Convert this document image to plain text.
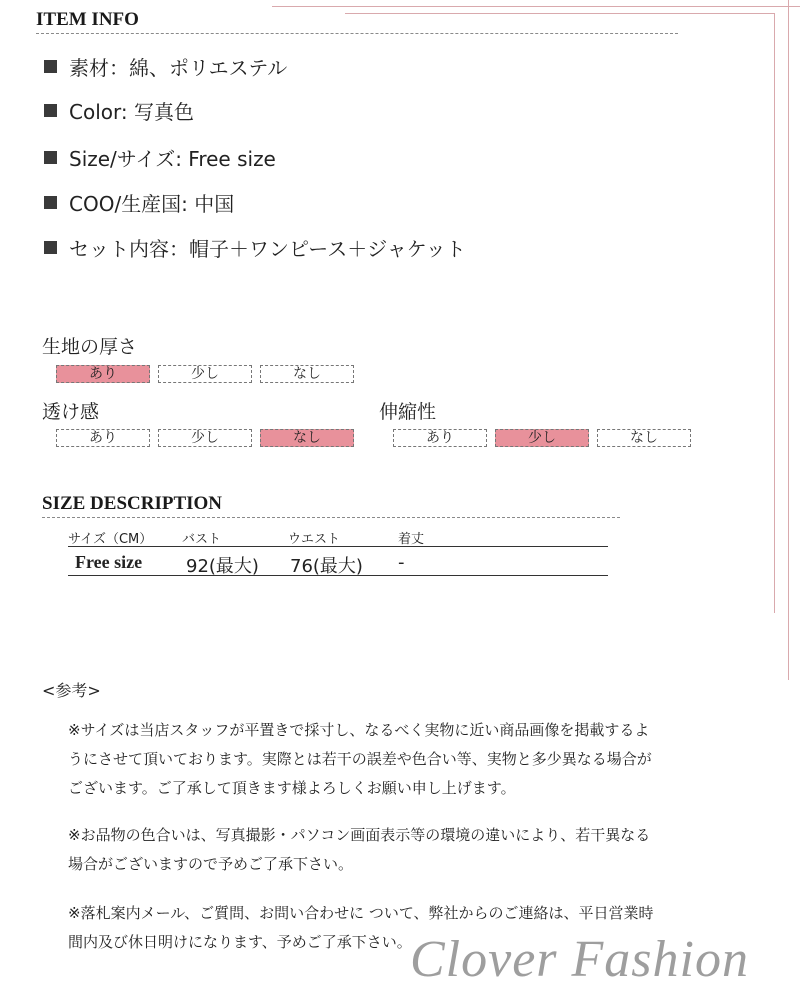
ITEM INFO
素材：綿、ポリエステル
Color: 写真色
Size/サイズ: Free size
COO/生産国: 中国
セット内容：帽子＋ワンピース＋ジャケット
生地の厚さ
あり	少し	なし
透け感
あり	少し	なし
伸縮性
あり	少し	なし
SIZE DESCRIPTION
サイズ（CM） バスト	ウエスト	着丈
Free size 92(最大) 76(最大) -
<参考>
※サイズは当店スタッフが平置きで採寸し、なるべく実物に近い商品画像を掲載するよ
うにさせて頂いております。実際とは若干の誤差や色合い等、実物と多少異なる場合が
ございます。ご了承して頂きます様よろしくお願い申し上げます。
※お品物の色合いは、写真撮影・パソコン画面表示等の環境の違いにより、若干異なる
場合がございますので予めご了承下さい。
※落札案内メール、ご質問、お問い合わせに ついて、弊社からのご連絡は、平日営業時
間内及び休日明けになります、予めご了承下さい。
Clover Fashion
